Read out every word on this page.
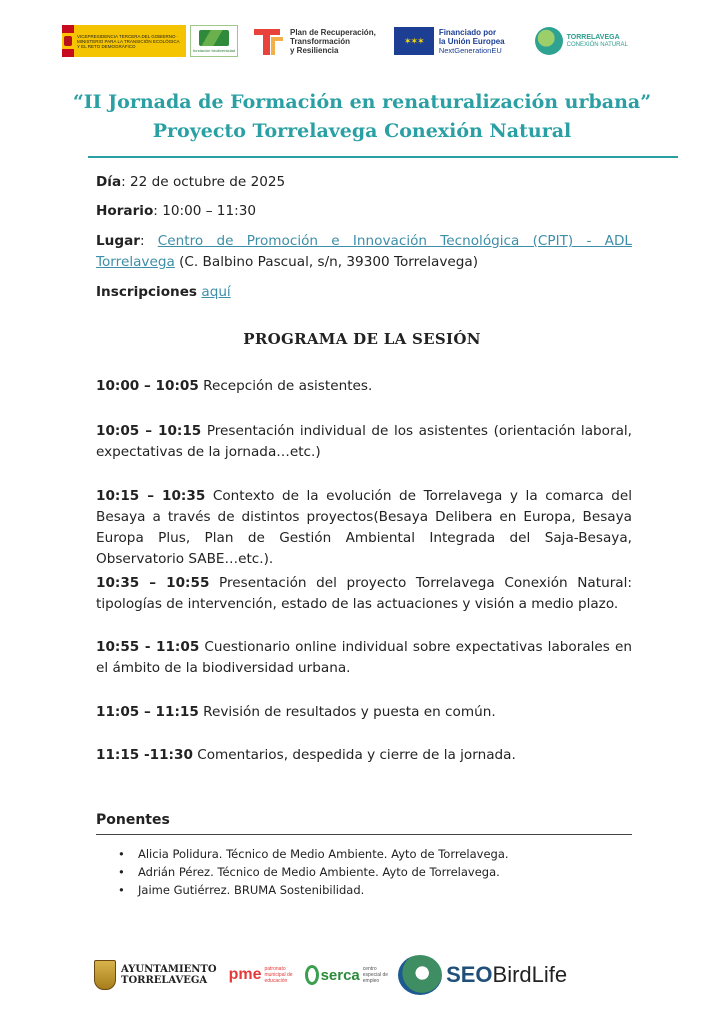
VICEPRESIDENCIA TERCERA DEL GOBIERNO · MINISTERIO PARA LA TRANSICIÓN ECOLÓGICA Y EL RETO DEMOGRÁFICO
fundación biodiversidad
Plan de Recuperación,
Transformación
y Resiliencia
✶✶✶
Financiado por
la Unión Europea
NextGenerationEU
TORRELAVEGA
CONEXIÓN NATURAL
“II Jornada de Formación en renaturalización urbana”
Proyecto Torrelavega Conexión Natural
Día: 22 de octubre de 2025
Horario: 10:00 – 11:30
Lugar: Centro de Promoción e Innovación Tecnológica (CPIT) - ADL Torrelavega (C. Balbino Pascual, s/n, 39300 Torrelavega)
Inscripciones aquí
PROGRAMA DE LA SESIÓN
10:00 – 10:05 Recepción de asistentes.
10:05 – 10:15 Presentación individual de los asistentes (orientación laboral, expectativas de la jornada…etc.)
10:15 – 10:35 Contexto de la evolución de Torrelavega y la comarca del Besaya a través de distintos proyectos(Besaya Delibera en Europa, Besaya Europa Plus, Plan de Gestión Ambiental Integrada del Saja-Besaya, Observatorio SABE…etc.).
10:35 – 10:55 Presentación del proyecto Torrelavega Conexión Natural: tipologías de intervención, estado de las actuaciones y visión a medio plazo.
10:55 - 11:05 Cuestionario online individual sobre expectativas laborales en el ámbito de la biodiversidad urbana.
11:05 – 11:15 Revisión de resultados y puesta en común.
11:15 -11:30 Comentarios, despedida y cierre de la jornada.
Ponentes
• Alicia Polidura. Técnico de Medio Ambiente. Ayto de Torrelavega.
• Adrián Pérez. Técnico de Medio Ambiente. Ayto de Torrelavega.
• Jaime Gutiérrez. BRUMA Sostenibilidad.
AYUNTAMIENTO
TORRELAVEGA	pme patronato
municipal de
educación	serca centro
especial de
empleo	SEOBirdLife
